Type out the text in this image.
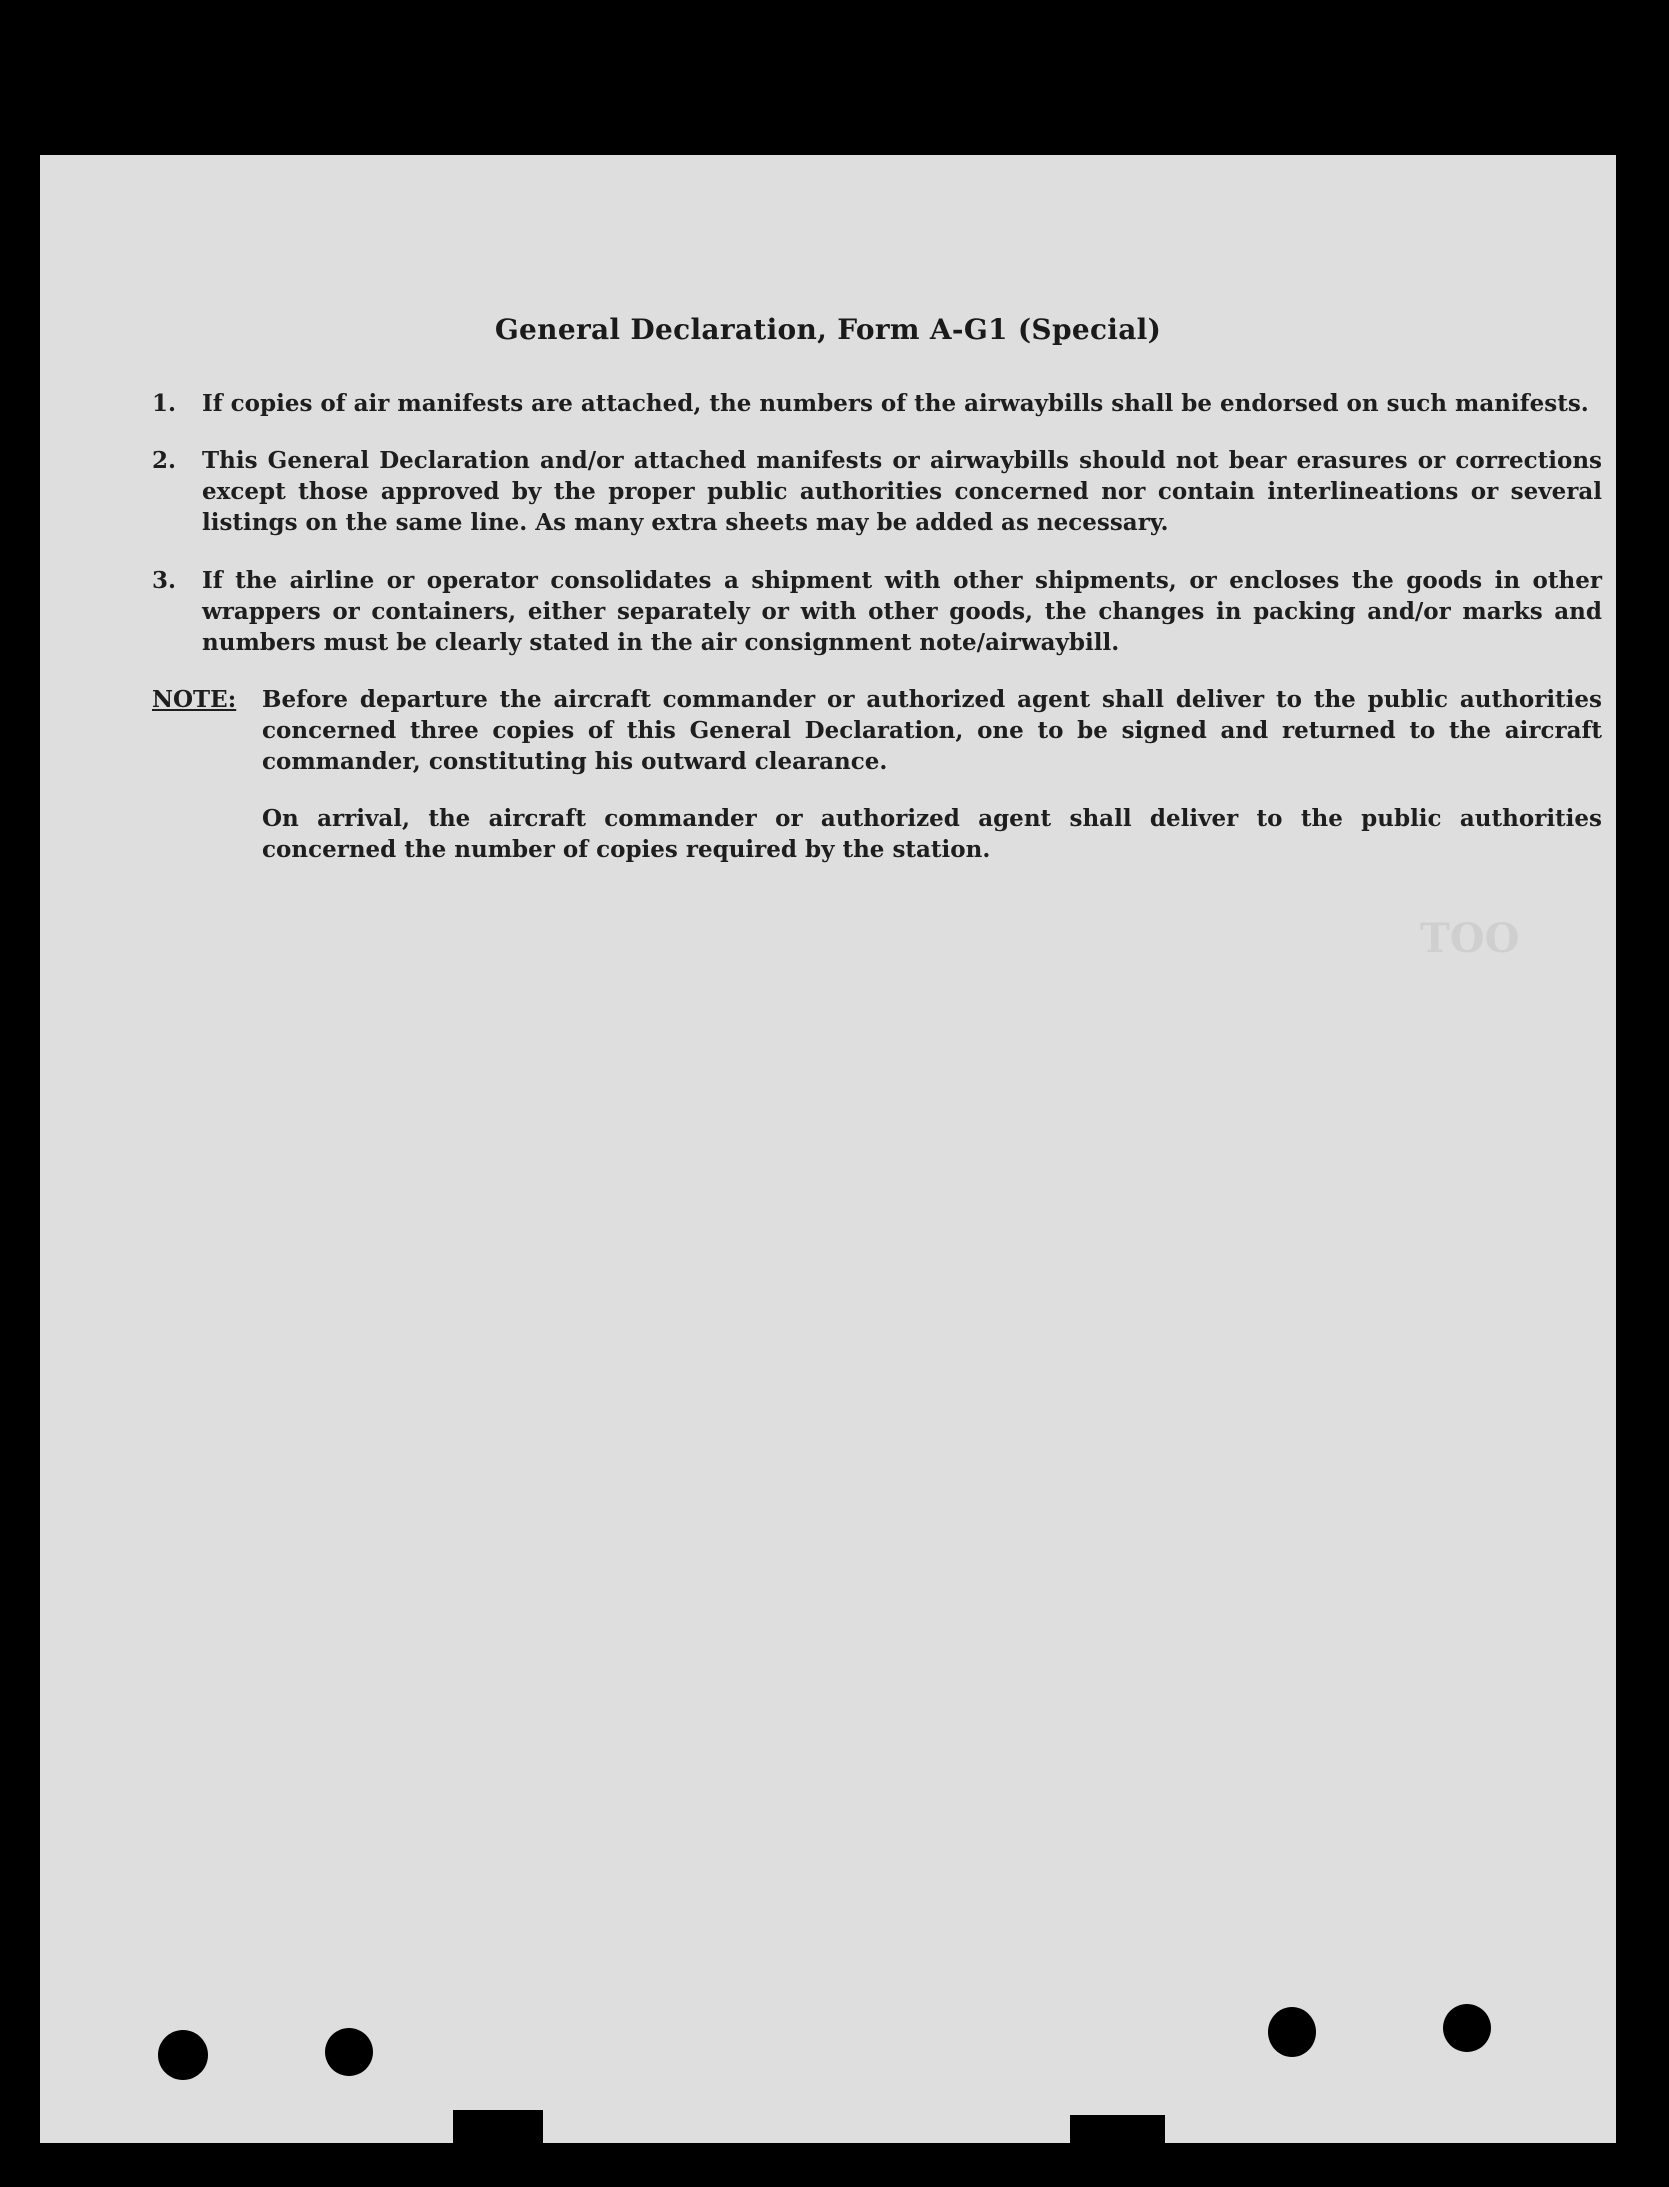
General Declaration, Form A-G1 (Special)
1. If copies of air manifests are attached, the numbers of the airwaybills shall be endorsed on such manifests.
2. This General Declaration and/or attached manifests or airwaybills should not bear erasures or corrections except those approved by the proper public authorities concerned nor contain interlineations or several listings on the same line. As many extra sheets may be added as necessary.
3. If the airline or operator consolidates a shipment with other shipments, or encloses the goods in other wrappers or containers, either separately or with other goods, the changes in packing and/or marks and numbers must be clearly stated in the air consignment note/airwaybill.
NOTE: Before departure the aircraft commander or authorized agent shall deliver to the public authorities concerned three copies of this General Declaration, one to be signed and returned to the aircraft commander, constituting his outward clearance.
On arrival, the aircraft commander or authorized agent shall deliver to the public authorities concerned the number of copies required by the station.
TOO
